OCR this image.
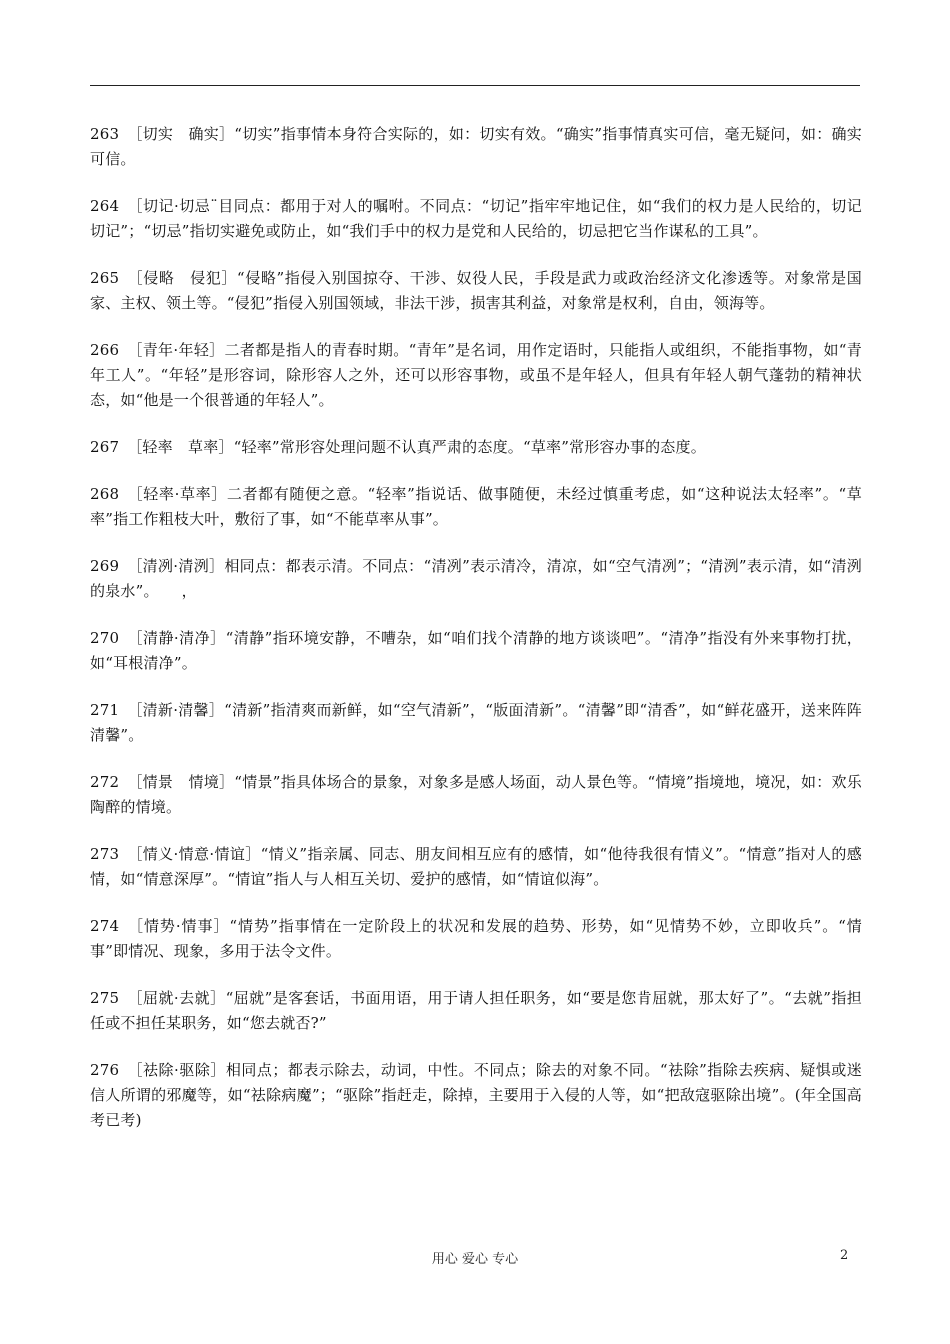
263 ［切实　确实］“切实”指事情本身符合实际的，如：切实有效。“确实”指事情真实可信，毫无疑问，如：确实可信。

264 ［切记·切忌¨目同点：都用于对人的嘱咐。不同点：“切记”指牢牢地记住，如“我们的权力是人民给的，切记切记”；“切忌”指切实避免或防止，如“我们手中的权力是党和人民给的，切忌把它当作谋私的工具”。

265 ［侵略　侵犯］“侵略”指侵入别国掠夺、干涉、奴役人民，手段是武力或政治经济文化渗透等。对象常是国家、主权、领土等。“侵犯”指侵入别国领域，非法干涉，损害其利益，对象常是权利，自由，领海等。

266 ［青年·年轻］二者都是指人的青春时期。“青年”是名词，用作定语时，只能指人或组织，不能指事物，如“青年工人”。“年轻”是形容词，除形容人之外，还可以形容事物，或虽不是年轻人，但具有年轻人朝气蓬勃的精神状态，如“他是一个很普通的年轻人”。

267 ［轻率　草率］“轻率”常形容处理问题不认真严肃的态度。“草率”常形容办事的态度。

268 ［轻率·草率］二者都有随便之意。“轻率”指说话、做事随便，未经过慎重考虑，如“这种说法太轻率”。“草率”指工作粗枝大叶，敷衍了事，如“不能草率从事”。

269 ［清冽·清洌］相同点：都表示清。不同点：“清冽”表示清冷，清凉，如“空气清冽”；“清洌”表示清，如“清洌的泉水”。　　，

270 ［清静·清净］“清静”指环境安静，不嘈杂，如“咱们找个清静的地方谈谈吧”。“清净”指没有外来事物打扰，如“耳根清净”。

271 ［清新·清馨］“清新”指清爽而新鲜，如“空气清新”，“版面清新”。“清馨”即“清香”，如“鲜花盛开，送来阵阵清馨”。

272 ［情景　情境］“情景”指具体场合的景象，对象多是感人场面，动人景色等。“情境”指境地，境况，如：欢乐陶醉的情境。

273 ［情义·情意·情谊］“情义”指亲属、同志、朋友间相互应有的感情，如“他待我很有情义”。“情意”指对人的感情，如“情意深厚”。“情谊”指人与人相互关切、爱护的感情，如“情谊似海”。

274 ［情势·情事］“情势”指事情在一定阶段上的状况和发展的趋势、形势，如“见情势不妙，立即收兵”。“情事”即情况、现象，多用于法令文件。

275 ［屈就·去就］“屈就”是客套话，书面用语，用于请人担任职务，如“要是您肯屈就，那太好了”。“去就”指担任或不担任某职务，如“您去就否?”

276 ［祛除·驱除］相同点；都表示除去，动词，中性。不同点；除去的对象不同。“祛除”指除去疾病、疑惧或迷信人所谓的邪魔等，如“祛除病魔”；“驱除”指赶走，除掉，主要用于入侵的人等，如“把敌寇驱除出境”。(年全国高考已考)

用心 爱心 专心	2
